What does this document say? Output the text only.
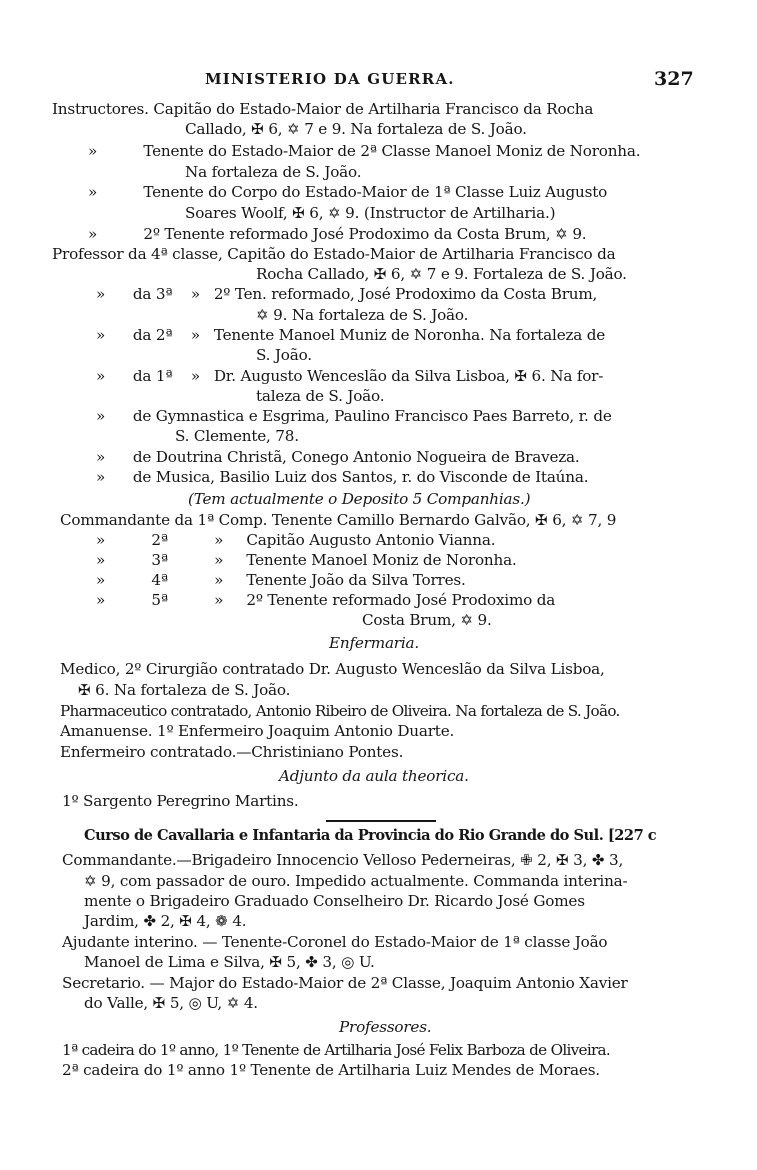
MINISTERIO DA GUERRA.	327
Instructores. Capitão do Estado-Maior de Artilharia Francisco da Rocha
Callado, ✠ 6, ✡ 7 e 9. Na fortaleza de S. João.
»          Tenente do Estado-Maior de 2ª Classe Manoel Moniz de Noronha.
Na fortaleza de S. João.
»          Tenente do Corpo do Estado-Maior de 1ª Classe Luiz Augusto
Soares Woolf, ✠ 6, ✡ 9. (Instructor de Artilharia.)
»          2º Tenente reformado José Prodoximo da Costa Brum, ✡ 9.
Professor da 4ª classe, Capitão do Estado-Maior de Artilharia Francisco da
Rocha Callado, ✠ 6, ✡ 7 e 9. Fortaleza de S. João.
»      da 3ª    »   2º Ten. reformado, José Prodoximo da Costa Brum,
✡ 9. Na fortaleza de S. João.
»      da 2ª    »   Tenente Manoel Muniz de Noronha. Na fortaleza de
S. João.
»      da 1ª    »   Dr. Augusto Wenceslão da Silva Lisboa, ✠ 6. Na for-
taleza de S. João.
»      de Gymnastica e Esgrima, Paulino Francisco Paes Barreto, r. de
S. Clemente, 78.
»      de Doutrina Christã, Conego Antonio Nogueira de Braveza.
»      de Musica, Basilio Luiz dos Santos, r. do Visconde de Itaúna.
(Tem actualmente o Deposito 5 Companhias.)
Commandante da 1ª Comp. Tenente Camillo Bernardo Galvão, ✠ 6, ✡ 7, 9
»          2ª          »     Capitão Augusto Antonio Vianna.
»          3ª          »     Tenente Manoel Moniz de Noronha.
»          4ª          »     Tenente João da Silva Torres.
»          5ª          »     2º Tenente reformado José Prodoximo da
Costa Brum, ✡ 9.
Enfermaria.
Medico, 2º Cirurgião contratado Dr. Augusto Wenceslão da Silva Lisboa,
✠ 6. Na fortaleza de S. João.
Pharmaceutico contratado, Antonio Ribeiro de Oliveira. Na fortaleza de S. João.
Amanuense. 1º Enfermeiro Joaquim Antonio Duarte.
Enfermeiro contratado.—Christiniano Pontes.
Adjunto da aula theorica.
1º Sargento Peregrino Martins.
Curso de Cavallaria e Infantaria da Provincia do Rio Grande do Sul. [227 c
Commandante.—Brigadeiro Innocencio Velloso Pederneiras, ✙ 2, ✠ 3, ✤ 3,
✡ 9, com passador de ouro. Impedido actualmente. Commanda interina-
mente o Brigadeiro Graduado Conselheiro Dr. Ricardo José Gomes
Jardim, ✤ 2, ✠ 4, ❁ 4.
Ajudante interino. — Tenente-Coronel do Estado-Maior de 1ª classe João
Manoel de Lima e Silva, ✠ 5, ✤ 3, ◎ U.
Secretario. — Major do Estado-Maior de 2ª Classe, Joaquim Antonio Xavier
do Valle, ✠ 5, ◎ U, ✡ 4.
Professores.
1ª cadeira do 1º anno, 1º Tenente de Artilharia José Felix Barboza de Oliveira.
2ª cadeira do 1º anno 1º Tenente de Artilharia Luiz Mendes de Moraes.
